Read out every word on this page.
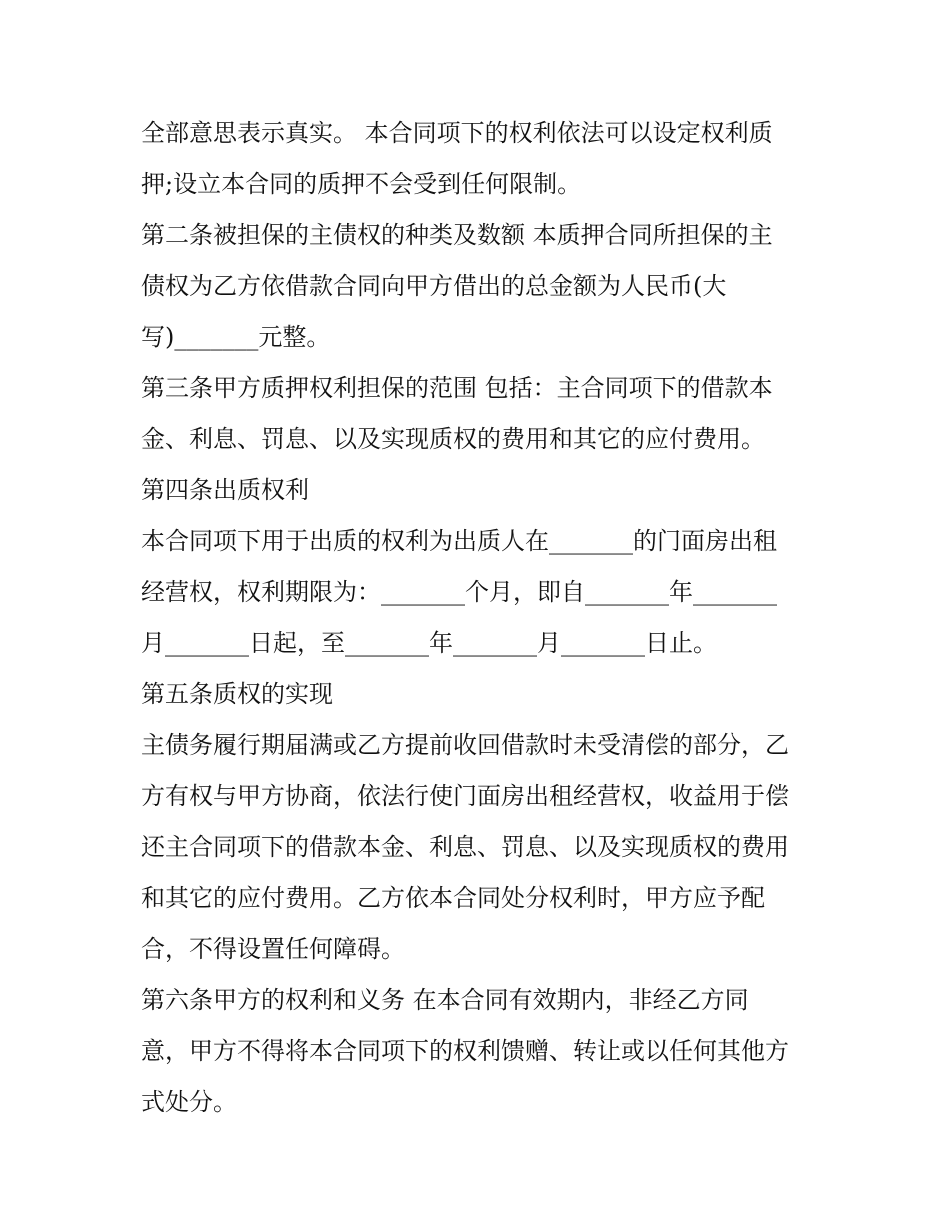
全部意思表示真实。 本合同项下的权利依法可以设定权利质
押;设立本合同的质押不会受到任何限制。
第二条被担保的主债权的种类及数额 本质押合同所担保的主
债权为乙方依借款合同向甲方借出的总金额为人民币(大
写)_______元整。
第三条甲方质押权利担保的范围 包括：主合同项下的借款本
金、利息、罚息、以及实现质权的费用和其它的应付费用。
第四条出质权利
本合同项下用于出质的权利为出质人在_______的门面房出租
经营权，权利期限为：_______个月，即自_______年_______
月_______日起，至_______年_______月_______日止。
第五条质权的实现
主债务履行期届满或乙方提前收回借款时未受清偿的部分，乙
方有权与甲方协商，依法行使门面房出租经营权，收益用于偿
还主合同项下的借款本金、利息、罚息、以及实现质权的费用
和其它的应付费用。乙方依本合同处分权利时，甲方应予配
合，不得设置任何障碍。
第六条甲方的权利和义务 在本合同有效期内，非经乙方同
意，甲方不得将本合同项下的权利馈赠、转让或以任何其他方
式处分。
